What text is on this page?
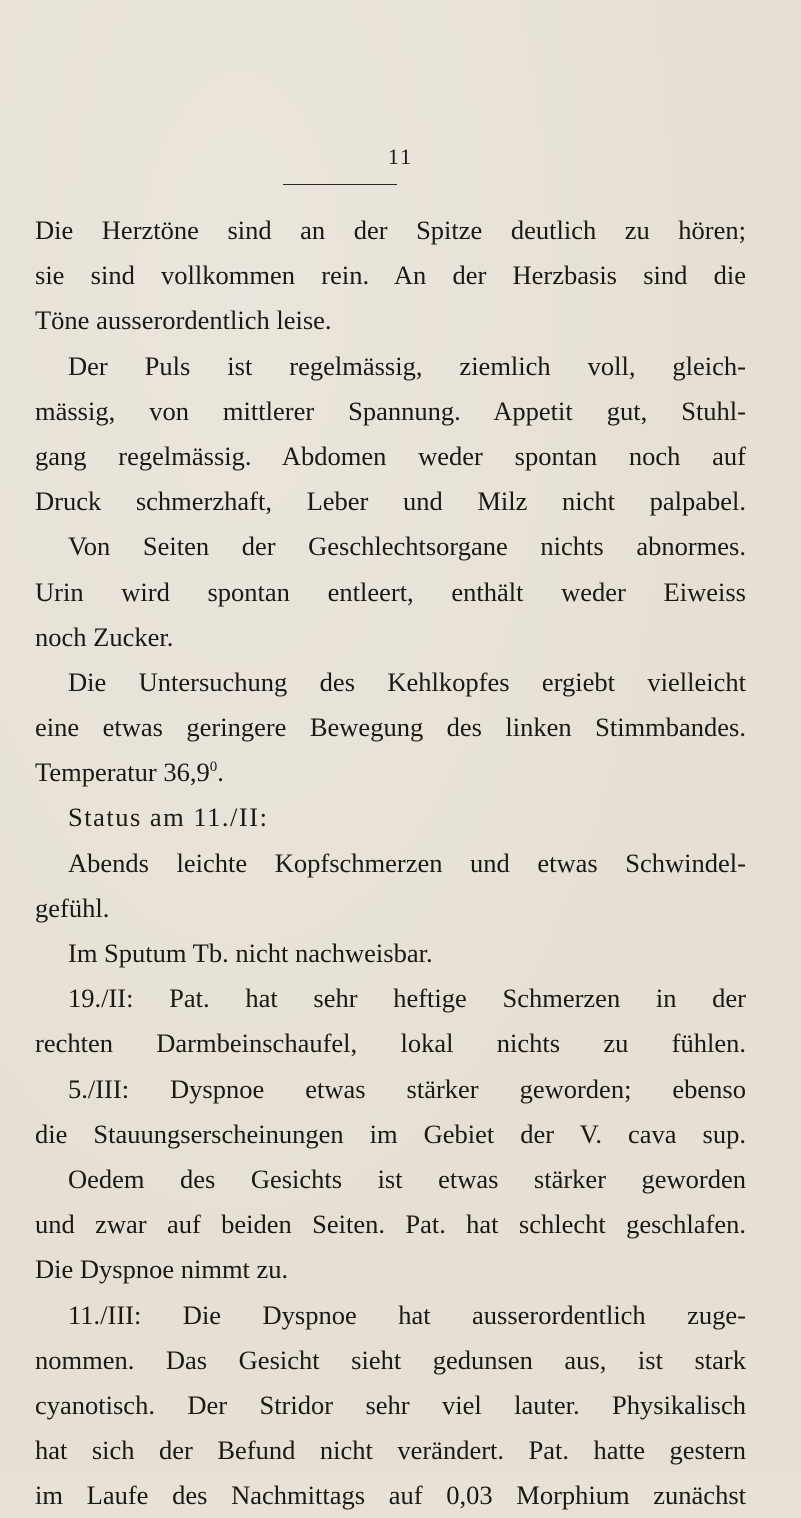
11
Die Herztöne sind an der Spitze deutlich zu hören;
sie sind vollkommen rein. An der Herzbasis sind die
Töne ausserordentlich leise.
Der Puls ist regelmässig, ziemlich voll, gleich-
mässig, von mittlerer Spannung. Appetit gut, Stuhl-
gang regelmässig. Abdomen weder spontan noch auf
Druck schmerzhaft, Leber und Milz nicht palpabel.
Von Seiten der Geschlechtsorgane nichts abnormes.
Urin wird spontan entleert, enthält weder Eiweiss
noch Zucker.
Die Untersuchung des Kehlkopfes ergiebt vielleicht
eine etwas geringere Bewegung des linken Stimmbandes.
Temperatur 36,9$^0$.
Status am 11./II:
Abends leichte Kopfschmerzen und etwas Schwindel-
gefühl.
Im Sputum Tb. nicht nachweisbar.
19./II: Pat. hat sehr heftige Schmerzen in der
rechten Darmbeinschaufel, lokal nichts zu fühlen.
5./III: Dyspnoe etwas stärker geworden; ebenso
die Stauungserscheinungen im Gebiet der V. cava sup.
Oedem des Gesichts ist etwas stärker geworden
und zwar auf beiden Seiten. Pat. hat schlecht geschlafen.
Die Dyspnoe nimmt zu.
11./III: Die Dyspnoe hat ausserordentlich zuge-
nommen. Das Gesicht sieht gedunsen aus, ist stark
cyanotisch. Der Stridor sehr viel lauter. Physikalisch
hat sich der Befund nicht verändert. Pat. hatte gestern
im Laufe des Nachmittags auf 0,03 Morphium zunächst
